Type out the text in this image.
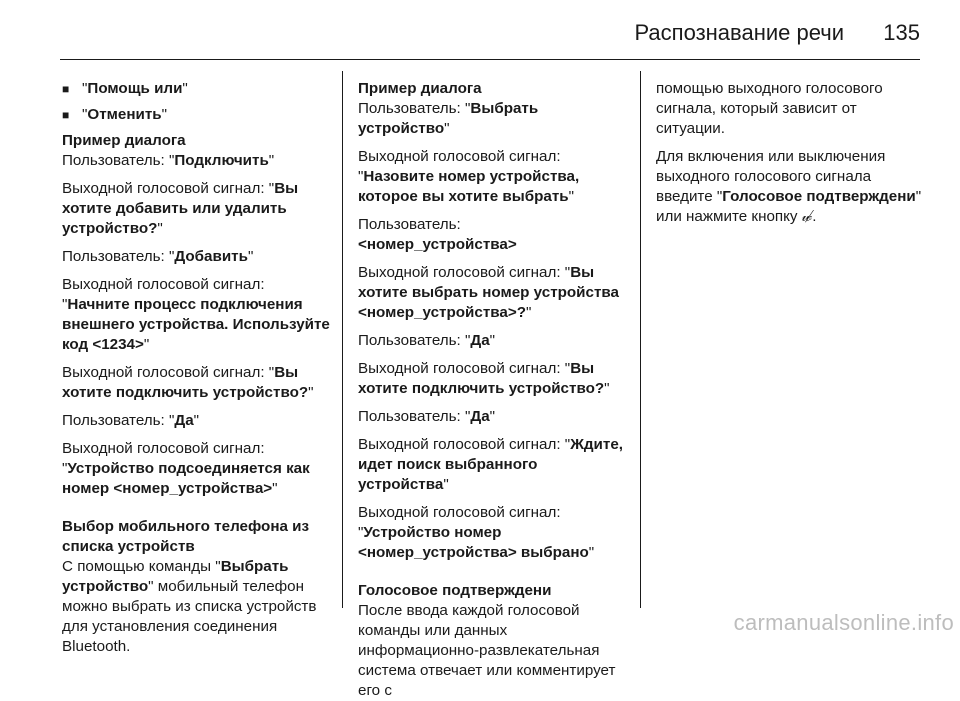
Распознавание речи 135
■ "Помощь или"
■ "Отменить"
Пример диалога
Пользователь: "Подключить"
Выходной голосовой сигнал: "Вы хотите добавить или удалить устройство?"
Пользователь: "Добавить"
Выходной голосовой сигнал: "Начните процесс подключения внешнего устройства. Используйте код <1234>"
Выходной голосовой сигнал: "Вы хотите подключить устройство?"
Пользователь: "Да"
Выходной голосовой сигнал: "Устройство подсоединяется как номер <номер_устройства>"
Выбор мобильного телефона из списка устройств
С помощью команды "Выбрать устройство" мобильный телефон можно выбрать из списка устройств для установления соединения Bluetooth.
Пример диалога
Пользователь: "Выбрать устройство"
Выходной голосовой сигнал: "Назовите номер устройства, которое вы хотите выбрать"
Пользователь:
<номер_устройства>
Выходной голосовой сигнал: "Вы хотите выбрать номер устройства <номер_устройства>?"
Пользователь: "Да"
Выходной голосовой сигнал: "Вы хотите подключить устройство?"
Пользователь: "Да"
Выходной голосовой сигнал: "Ждите, идет поиск выбранного устройства"
Выходной голосовой сигнал: "Устройство номер <номер_устройства> выбрано"
Голосовое подтверждени
После ввода каждой голосовой команды или данных информационно-развлекательная система отвечает или комментирует его с
помощью выходного голосового сигнала, который зависит от ситуации.
Для включения или выключения выходного голосового сигнала введите "Голосовое подтверждени" или нажмите кнопку 𝓌̸.
carmanualsonline.info
